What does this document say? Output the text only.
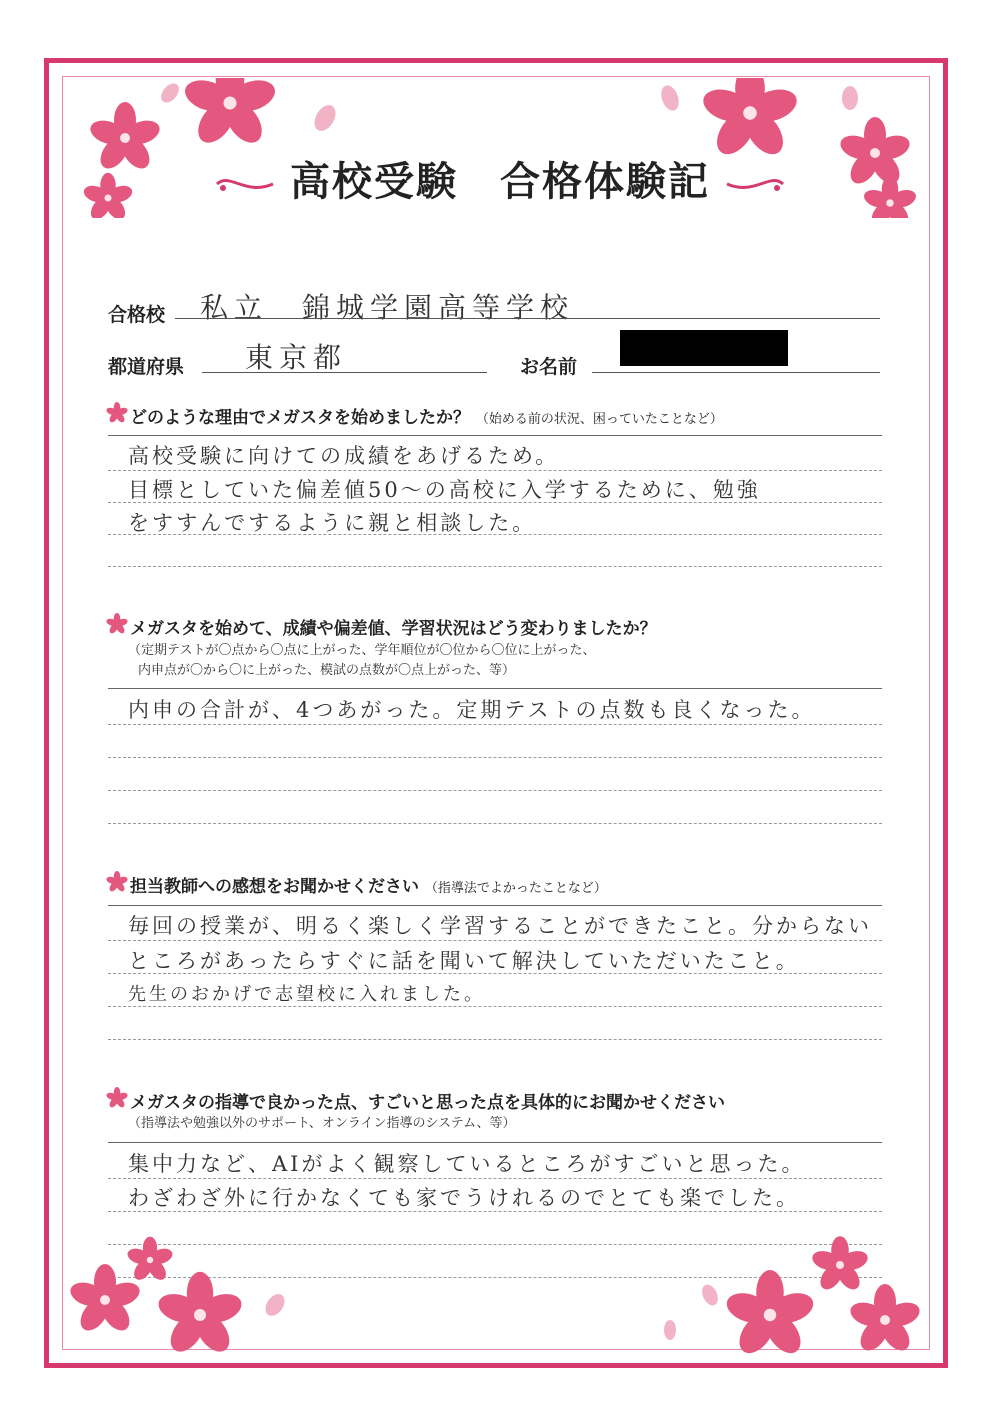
高校受験　合格体験記
合格校 私立　錦城学園高等学校
都道府県 東京都	お名前
どのような理由でメガスタを始めましたか？ （始める前の状況、困っていたことなど）
高校受験に向けての成績をあげるため。
目標としていた偏差値50〜の高校に入学するために、勉強
をすすんでするように親と相談した。
メガスタを始めて、成績や偏差値、学習状況はどう変わりましたか？
（定期テストが〇点から〇点に上がった、学年順位が〇位から〇位に上がった、
内申点が〇から〇に上がった、模試の点数が〇点上がった、等）
内申の合計が、4つあがった。定期テストの点数も良くなった。
担当教師への感想をお聞かせください （指導法でよかったことなど）
毎回の授業が、明るく楽しく学習することができたこと。分からない
ところがあったらすぐに話を聞いて解決していただいたこと。
先生のおかげで志望校に入れました。
メガスタの指導で良かった点、すごいと思った点を具体的にお聞かせください
（指導法や勉強以外のサポート、オンライン指導のシステム、等）
集中力など、AIがよく観察しているところがすごいと思った。
わざわざ外に行かなくても家でうけれるのでとても楽でした。
